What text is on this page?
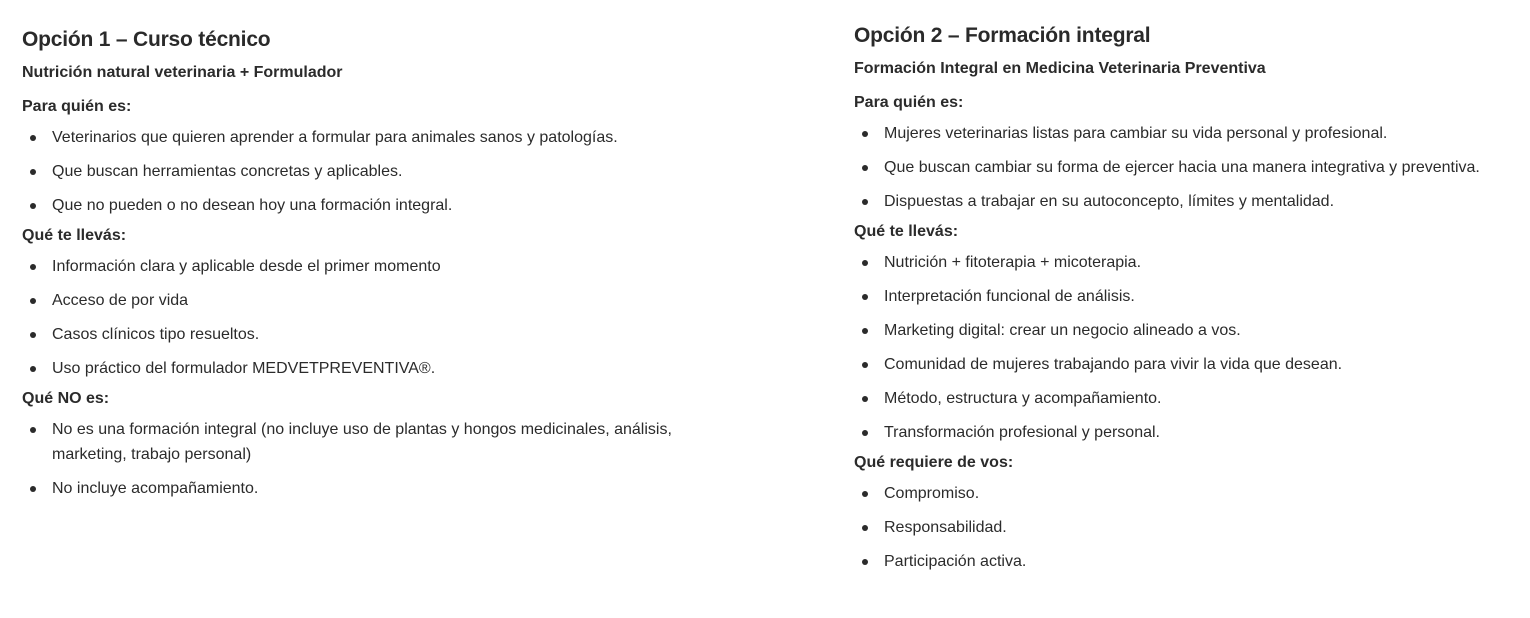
Opción 1 – Curso técnico
Nutrición natural veterinaria + Formulador
Para quién es:
Veterinarios que quieren aprender a formular para animales sanos y patologías.
Que buscan herramientas concretas y aplicables.
Que no pueden o no desean hoy una formación integral.
Qué te llevás:
Información clara y aplicable desde el primer momento
Acceso de por vida
Casos clínicos tipo resueltos.
Uso práctico del formulador MEDVETPREVENTIVA®.
Qué NO es:
No es una formación integral (no incluye uso de plantas y hongos medicinales, análisis, marketing, trabajo personal)
No incluye acompañamiento.
Opción 2 – Formación integral
Formación Integral en Medicina Veterinaria Preventiva
Para quién es:
Mujeres veterinarias listas para cambiar su vida personal y profesional.
Que buscan cambiar su forma de ejercer hacia una manera integrativa y preventiva.
Dispuestas a trabajar en su autoconcepto, límites y mentalidad.
Qué te llevás:
Nutrición + fitoterapia + micoterapia.
Interpretación funcional de análisis.
Marketing digital: crear un negocio alineado a vos.
Comunidad de mujeres trabajando para vivir la vida que desean.
Método, estructura y acompañamiento.
Transformación profesional y personal.
Qué requiere de vos:
Compromiso.
Responsabilidad.
Participación activa.
